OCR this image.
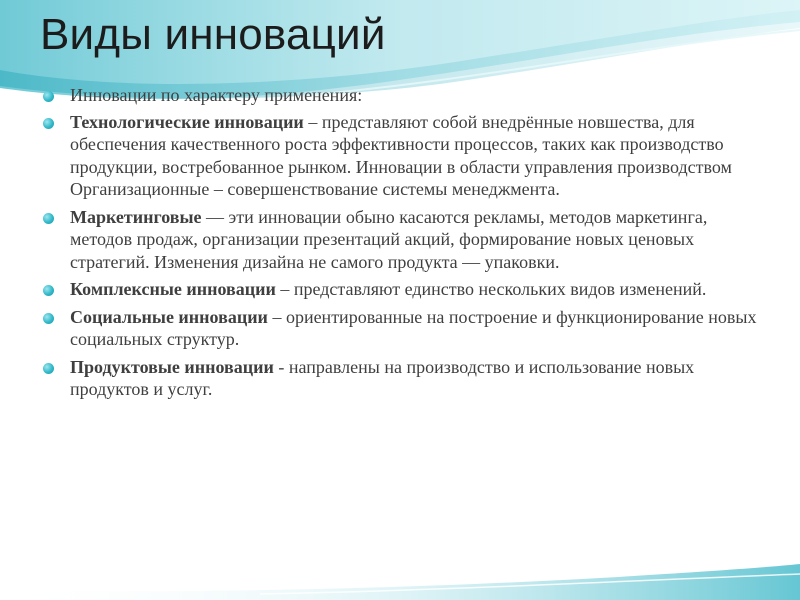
Виды инноваций
Инновации по характеру применения:
Технологические инновации – представляют собой внедрённые новшества, для обеспечения качественного роста эффективности процессов, таких как производство продукции, востребованное рынком. Инновации в области управления производством Организационные – совершенствование системы менеджмента.
Маркетинговые — эти инновации обыно касаются рекламы, методов маркетинга, методов продаж, организации презентаций акций, формирование новых ценовых стратегий. Изменения дизайна не самого продукта — упаковки.
Комплексные инновации – представляют единство нескольких видов изменений.
Социальные инновации – ориентированные на построение и функционирование новых социальных структур.
Продуктовые инновации - направлены на производство и использование новых продуктов и услуг.
